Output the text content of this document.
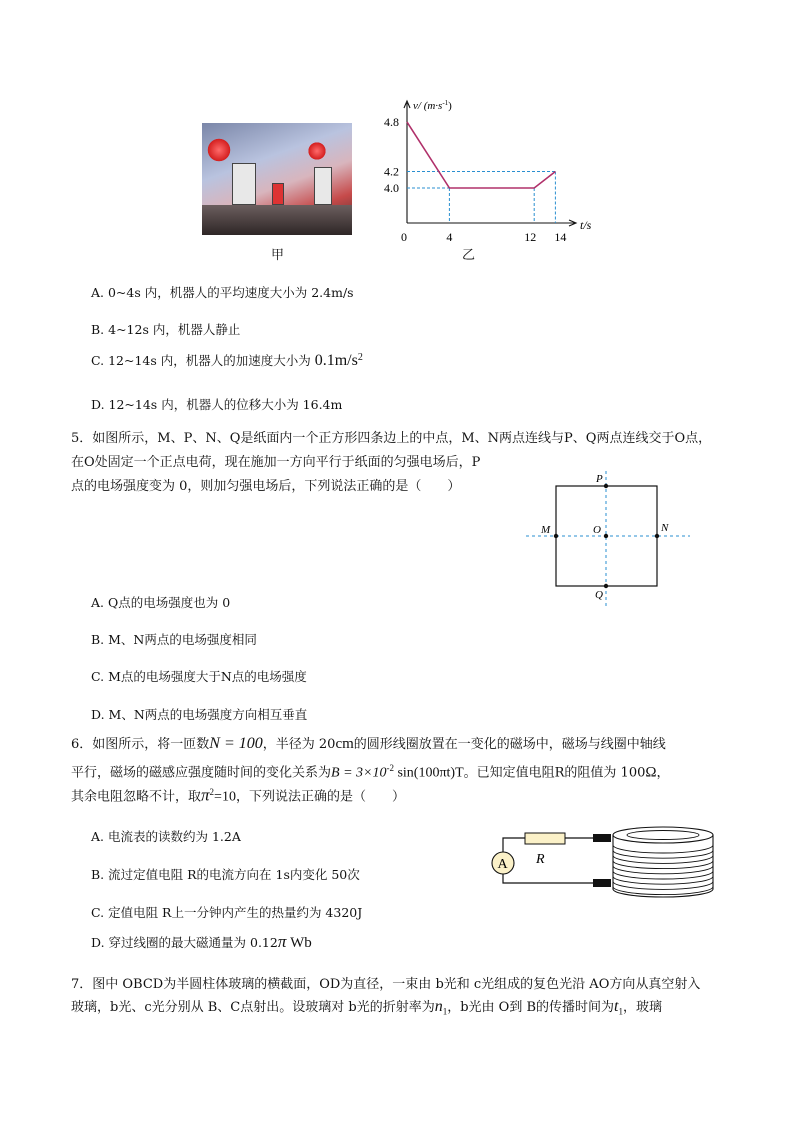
甲
v/ $(m\cdot s^{-1})$
t/s
4.8
4.2
4.0
0	4	12 14
乙
A. 0~4s 内，机器人的平均速度大小为 2.4m/s
B. 4~12s 内，机器人静止
C. 12~14s 内，机器人的加速度大小为 $0.1m/s^2$
D. 12~14s 内，机器人的位移大小为 16.4m
5．如图所示，M、P、N、Q是纸面内一个正方形四条边上的中点，M、N两点连线与P、Q两点连线交于O点，
在O处固定一个正点电荷，现在施加一方向平行于纸面的匀强电场后，P
点的电场强度变为 0，则加匀强电场后，下列说法正确的是（　　）	P
M	O	N
Q
A. Q点的电场强度也为 0
B. M、N两点的电场强度相同
C. M点的电场强度大于N点的电场强度
D. M、N两点的电场强度方向相互垂直
6．如图所示，将一匝数N = 100，半径为 20cm的圆形线圈放置在一变化的磁场中，磁场与线圈中轴线
平行，磁场的磁感应强度随时间的变化关系为$B = 3\times 10^{-2}$ sin(100πt)T。已知定值电阻R的阻值为 100Ω，
其余电阻忽略不计，取$\pi^2=10$，下列说法正确的是（　　）
A. 电流表的读数约为 1.2A
B. 流过定值电阻 R的电流方向在 1s内变化 50次
C. 定值电阻 R上一分钟内产生的热量约为 4320J
D. 穿过线圈的最大磁通量为 0.12π Wb
R
A
7．图中 OBCD为半圆柱体玻璃的横截面，OD为直径，一束由 b光和 c光组成的复色光沿 AO方向从真空射入
玻璃，b光、c光分别从 B、C点射出。设玻璃对 b光的折射率为$n_1$，b光由 O到 B的传播时间为$t_1$，玻璃
